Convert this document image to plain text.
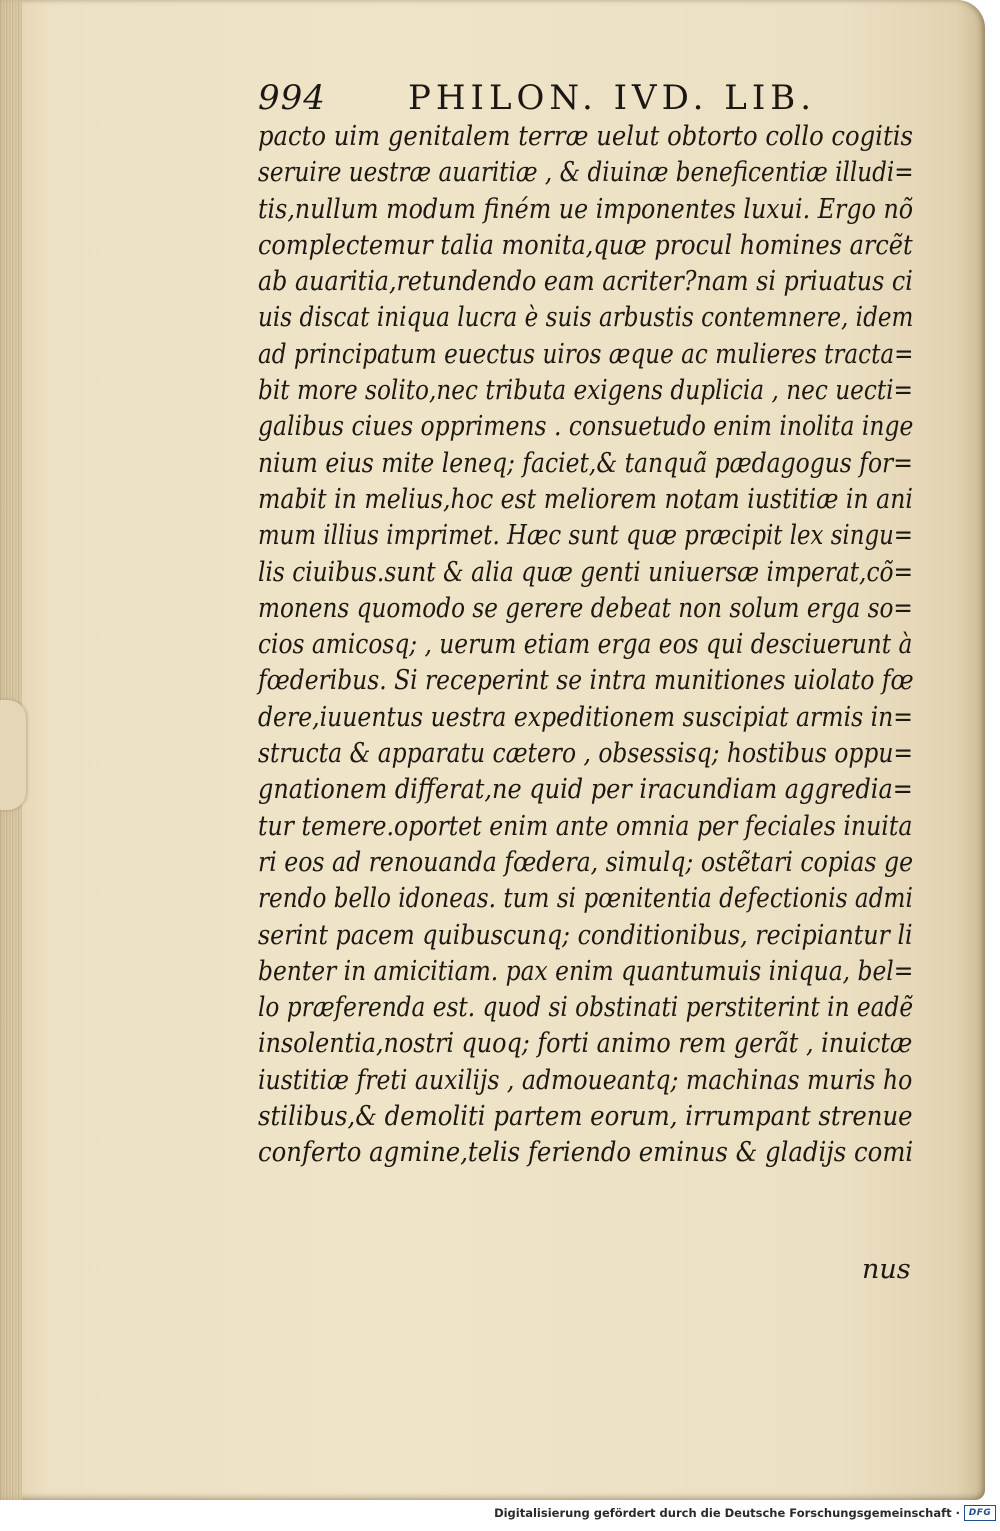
994 PHILON. IVD. LIB.
pacto uim genitalem terræ uelut obtorto collo cogitis
seruire uestræ auaritiæ , & diuinæ beneficentiæ illudi=
tis,nullum modum finém ue imponentes luxui. Ergo nõ
complectemur talia monita,quæ procul homines arcẽt
ab auaritia,retundendo eam acriter?nam si priuatus ci
uis discat iniqua lucra è suis arbustis contemnere, idem
ad principatum euectus uiros æque ac mulieres tracta=
bit more solito,nec tributa exigens duplicia , nec uecti=
galibus ciues opprimens . consuetudo enim inolita inge
nium eius mite leneq; faciet,& tanquã pædagogus for=
mabit in melius,hoc est meliorem notam iustitiæ in ani
mum illius imprimet. Hæc sunt quæ præcipit lex singu=
lis ciuibus.sunt & alia quæ genti uniuersæ imperat,cõ=
monens quomodo se gerere debeat non solum erga so=
cios amicosq; , uerum etiam erga eos qui desciuerunt à
fœderibus. Si receperint se intra munitiones uiolato fœ
dere,iuuentus uestra expeditionem suscipiat armis in=
structa & apparatu cætero , obsessisq; hostibus oppu=
gnationem differat,ne quid per iracundiam aggredia=
tur temere.oportet enim ante omnia per feciales inuita
ri eos ad renouanda fœdera, simulq; ostẽtari copias ge
rendo bello idoneas. tum si pœnitentia defectionis admi
serint pacem quibuscunq; conditionibus, recipiantur li
benter in amicitiam. pax enim quantumuis iniqua, bel=
lo præferenda est. quod si obstinati perstiterint in eadẽ
insolentia,nostri quoq; forti animo rem gerãt , inuictæ
iustitiæ freti auxilijs , admoueantq; machinas muris ho
stilibus,& demoliti partem eorum, irrumpant strenue
conferto agmine,telis feriendo eminus & gladijs comi
nus
Digitalisierung gefördert durch die Deutsche Forschungsgemeinschaft · DFG
